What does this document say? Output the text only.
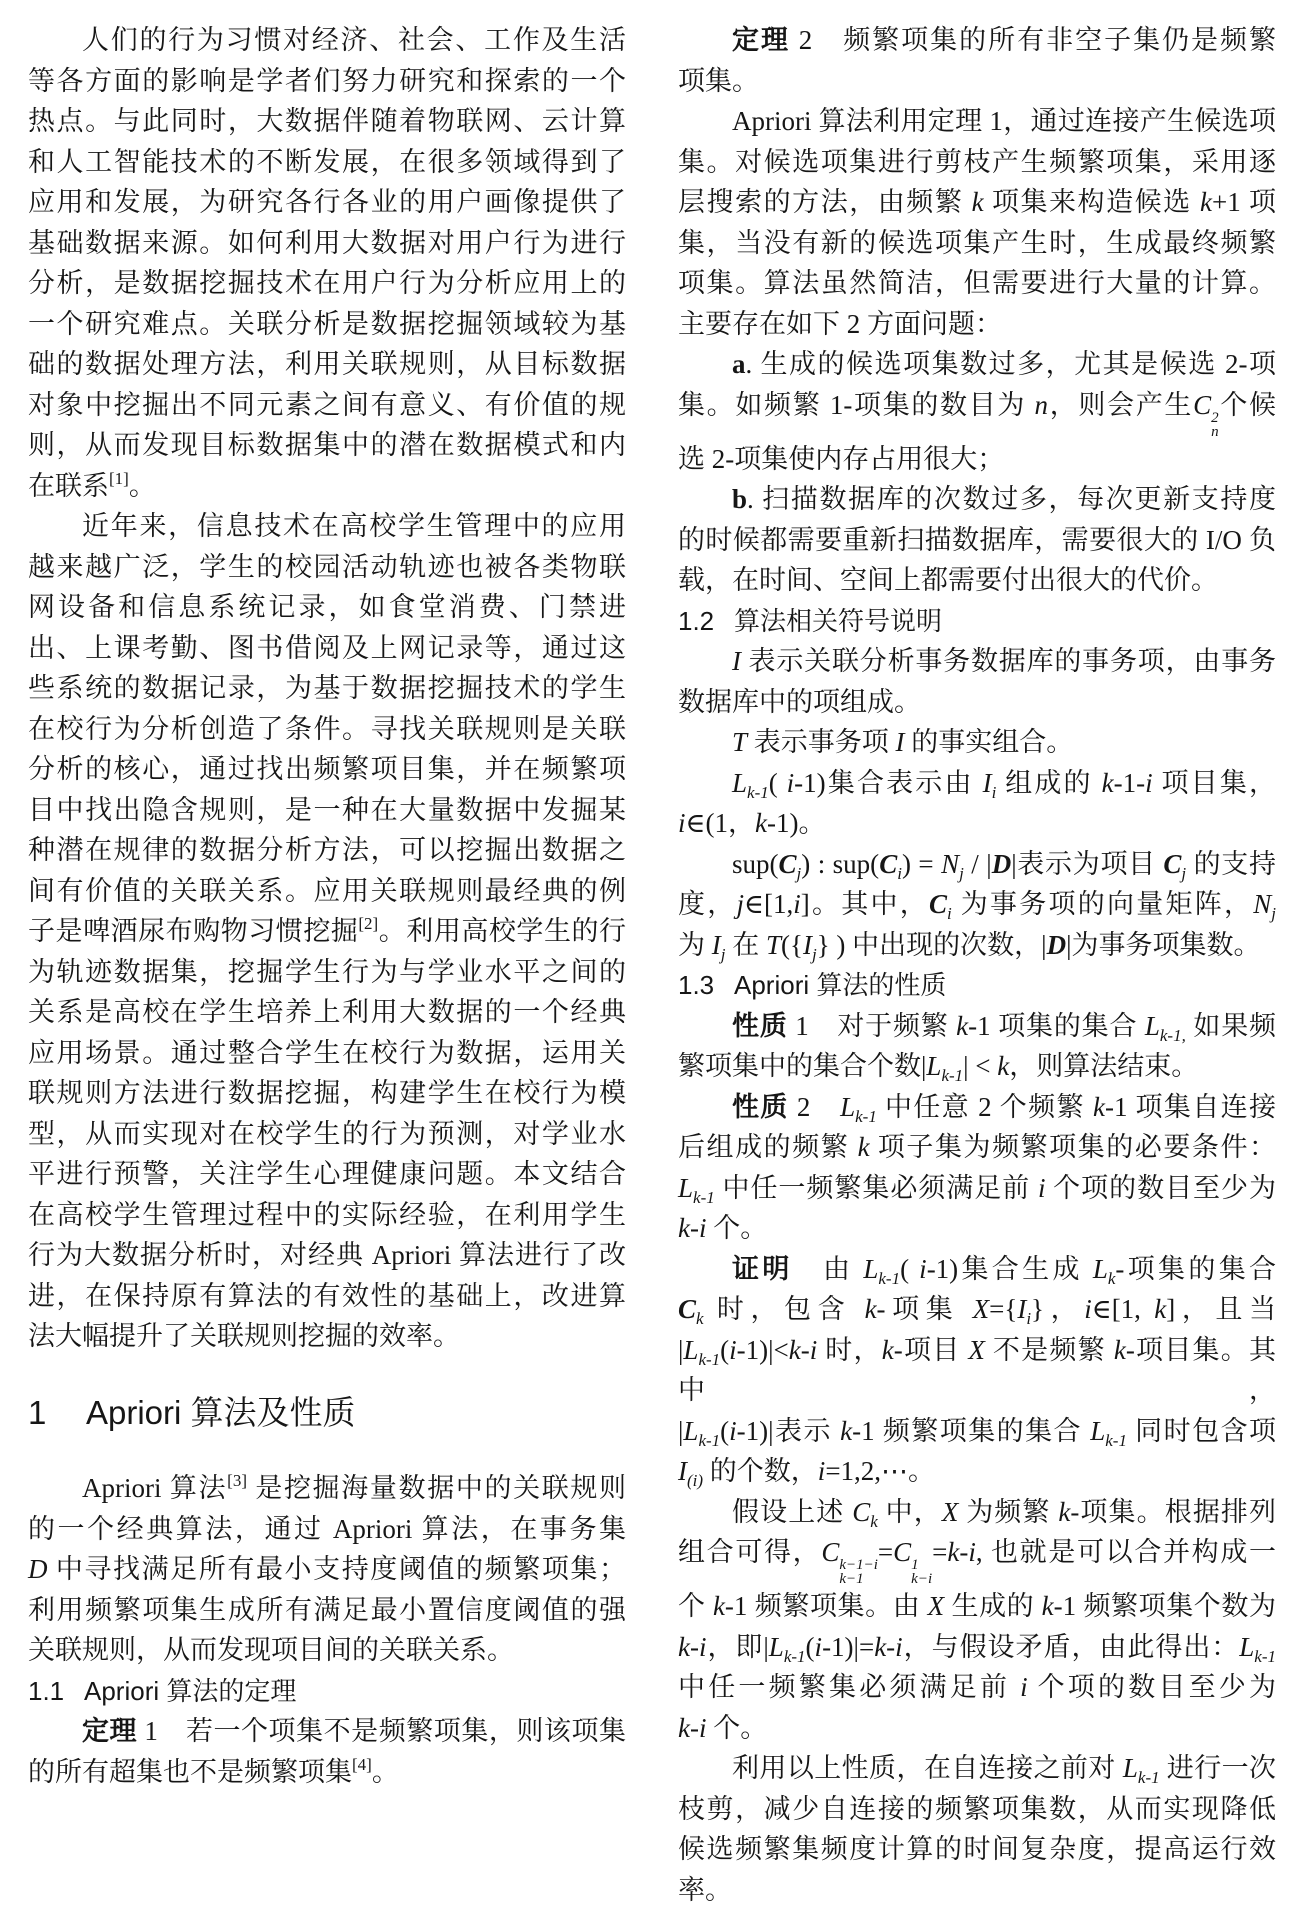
人们的行为习惯对经济、社会、工作及生活
等各方面的影响是学者们努力研究和探索的一个
热点。与此同时，大数据伴随着物联网、云计算
和人工智能技术的不断发展，在很多领域得到了
应用和发展，为研究各行各业的用户画像提供了
基础数据来源。如何利用大数据对用户行为进行
分析，是数据挖掘技术在用户行为分析应用上的
一个研究难点。关联分析是数据挖掘领域较为基
础的数据处理方法，利用关联规则，从目标数据
对象中挖掘出不同元素之间有意义、有价值的规
则，从而发现目标数据集中的潜在数据模式和内
在联系[1]。
近年来，信息技术在高校学生管理中的应用
越来越广泛，学生的校园活动轨迹也被各类物联
网设备和信息系统记录，如食堂消费、门禁进
出、上课考勤、图书借阅及上网记录等，通过这
些系统的数据记录，为基于数据挖掘技术的学生
在校行为分析创造了条件。寻找关联规则是关联
分析的核心，通过找出频繁项目集，并在频繁项
目中找出隐含规则，是一种在大量数据中发掘某
种潜在规律的数据分析方法，可以挖掘出数据之
间有价值的关联关系。应用关联规则最经典的例
子是啤酒尿布购物习惯挖掘[2]。利用高校学生的行
为轨迹数据集，挖掘学生行为与学业水平之间的
关系是高校在学生培养上利用大数据的一个经典
应用场景。通过整合学生在校行为数据，运用关
联规则方法进行数据挖掘，构建学生在校行为模
型，从而实现对在校学生的行为预测，对学业水
平进行预警，关注学生心理健康问题。本文结合
在高校学生管理过程中的实际经验，在利用学生
行为大数据分析时，对经典 Apriori 算法进行了改
进，在保持原有算法的有效性的基础上，改进算
法大幅提升了关联规则挖掘的效率。
1 Apriori 算法及性质
Apriori 算法[3] 是挖掘海量数据中的关联规则
的一个经典算法，通过 Apriori 算法，在事务集
D 中寻找满足所有最小支持度阈值的频繁项集；
利用频繁项集生成所有满足最小置信度阈值的强
关联规则，从而发现项目间的关联关系。
1.1 Apriori 算法的定理
定理 1　若一个项集不是频繁项集，则该项集
的所有超集也不是频繁项集[4]。
定理 2　频繁项集的所有非空子集仍是频繁
项集。
Apriori 算法利用定理 1，通过连接产生候选项
集。对候选项集进行剪枝产生频繁项集，采用逐
层搜索的方法，由频繁 k 项集来构造候选 k+1 项
集，当没有新的候选项集产生时，生成最终频繁
项集。算法虽然简洁，但需要进行大量的计算。
主要存在如下 2 方面问题：
a. 生成的候选项集数过多，尤其是候选 2-项
集。如频繁 1-项集的数目为 n，则会产生C 2
n
个候
选 2-项集使内存占用很大；
b. 扫描数据库的次数过多，每次更新支持度
的时候都需要重新扫描数据库，需要很大的 I/O 负
载，在时间、空间上都需要付出很大的代价。
1.2 算法相关符号说明
I 表示关联分析事务数据库的事务项，由事务
数据库中的项组成。
T 表示事务项 I 的事实组合。
$L_{k-1}$( i-1)集合表示由 $I_i$ 组成的 k-1-i 项目集，
i∈(1，k-1)。
$sup(C_j)$ : $sup(C_i) = N_j / |D|$表示为项目 $C_j$ 的支持
度，j∈[1,i]。其中，$C_i$ 为事务项的向量矩阵，$N_j$
为 $I_j$ 在 $T(\{I_j\}$ ) 中出现的次数，|D|为事务项集数。
1.3 Apriori 算法的性质
性质 1　对于频繁 k-1 项集的集合 $L_{k-1,}$ 如果频
繁项集中的集合个数$|L_{k-1}| < k$，则算法结束。
性质 2　$L_{k-1}$ 中任意 2 个频繁 k-1 项集自连接
后组成的频繁 k 项子集为频繁项集的必要条件：
$L_{k-1}$ 中任一频繁集必须满足前 i 个项的数目至少为
k-i 个。
证明　由 $L_{k-1}$( i-1)集合生成 $L_k-$项集的集合
$C_k$ 时，包含 k-项集 $X=\{I_i\}$，i∈[1, k]，且当
$|L_{k-1}(i-1)|<k-i$ 时，k-项目 X 不是频繁 k-项目集。其中，
$|L_{k-1}(i-1)|$表示 k-1 频繁项集的集合 $L_{k-1}$ 同时包含项
$I_{(i)}$ 的个数，i=1,2,⋯。
假设上述 $C_k$ 中，X 为频繁 k-项集。根据排列
组合可得，C k−1−i
k−1
=C 1
k−i
=k-i, 也就是可以合并构成一
个 k-1 频繁项集。由 X 生成的 k-1 频繁项集个数为
k-i，即$|L_{k-1}(i-1)|=k-i$，与假设矛盾，由此得出：$L_{k-1}$
中任一频繁集必须满足前 i 个项的数目至少为
k-i 个。
利用以上性质，在自连接之前对 $L_{k-1}$ 进行一次
枝剪，减少自连接的频繁项集数，从而实现降低
候选频繁集频度计算的时间复杂度，提高运行效率。
